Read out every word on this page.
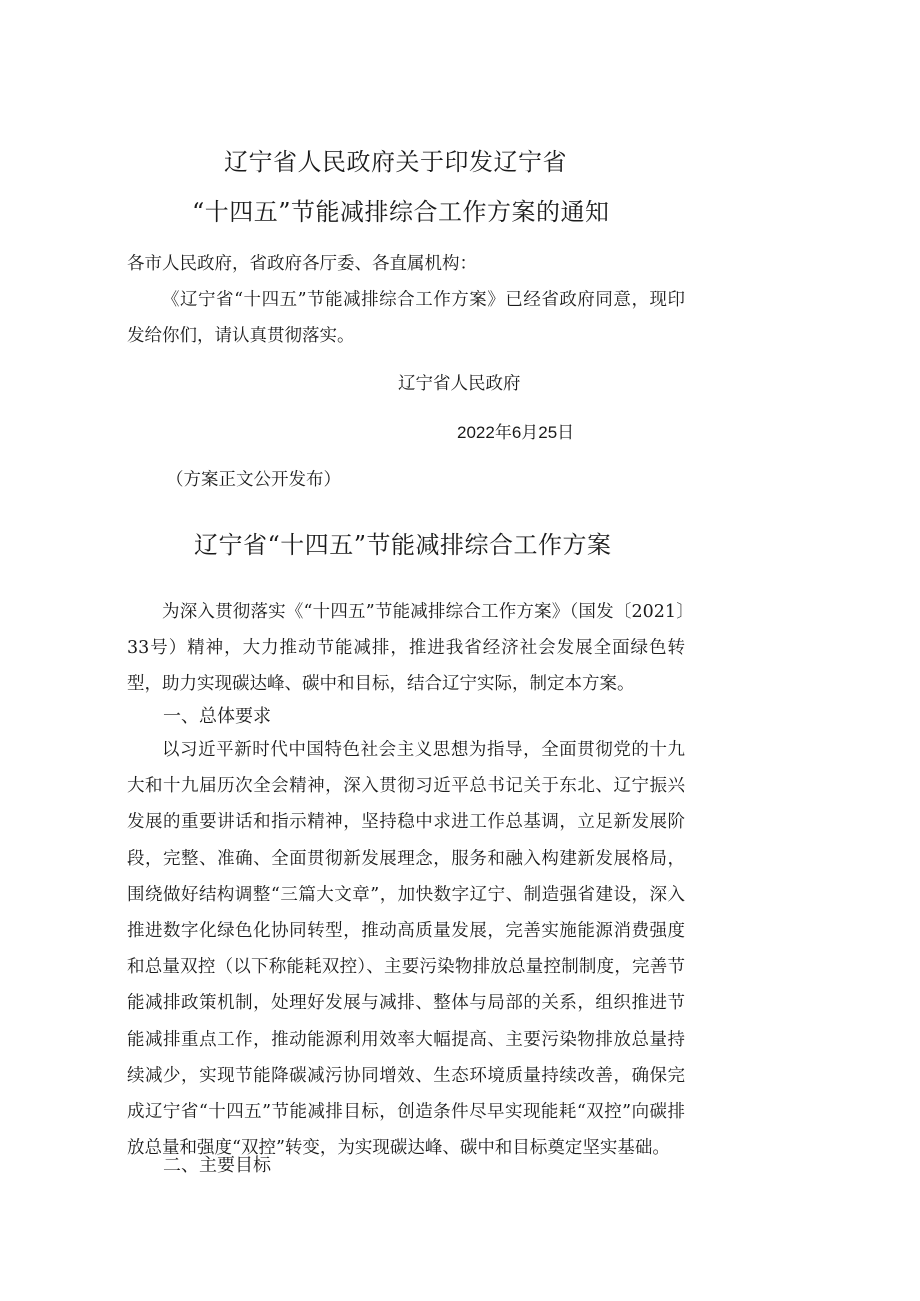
辽宁省人民政府关于印发辽宁省
“十四五”节能减排综合工作方案的通知
各市人民政府，省政府各厅委、各直属机构：
《辽宁省“十四五”节能减排综合工作方案》已经省政府同意，现印发给你们，请认真贯彻落实。
辽宁省人民政府
2022年6月25日
（方案正文公开发布）
辽宁省“十四五”节能减排综合工作方案
为深入贯彻落实《“十四五”节能减排综合工作方案》（国发〔2021〕33号）精神，大力推动节能减排，推进我省经济社会发展全面绿色转型，助力实现碳达峰、碳中和目标，结合辽宁实际，制定本方案。
一、总体要求
以习近平新时代中国特色社会主义思想为指导，全面贯彻党的十九大和十九届历次全会精神，深入贯彻习近平总书记关于东北、辽宁振兴发展的重要讲话和指示精神，坚持稳中求进工作总基调，立足新发展阶段，完整、准确、全面贯彻新发展理念，服务和融入构建新发展格局，围绕做好结构调整“三篇大文章”，加快数字辽宁、制造强省建设，深入推进数字化绿色化协同转型，推动高质量发展，完善实施能源消费强度和总量双控（以下称能耗双控）、主要污染物排放总量控制制度，完善节能减排政策机制，处理好发展与减排、整体与局部的关系，组织推进节能减排重点工作，推动能源利用效率大幅提高、主要污染物排放总量持续减少，实现节能降碳减污协同增效、生态环境质量持续改善，确保完成辽宁省“十四五”节能减排目标，创造条件尽早实现能耗“双控”向碳排放总量和强度“双控”转变，为实现碳达峰、碳中和目标奠定坚实基础。
二、主要目标
